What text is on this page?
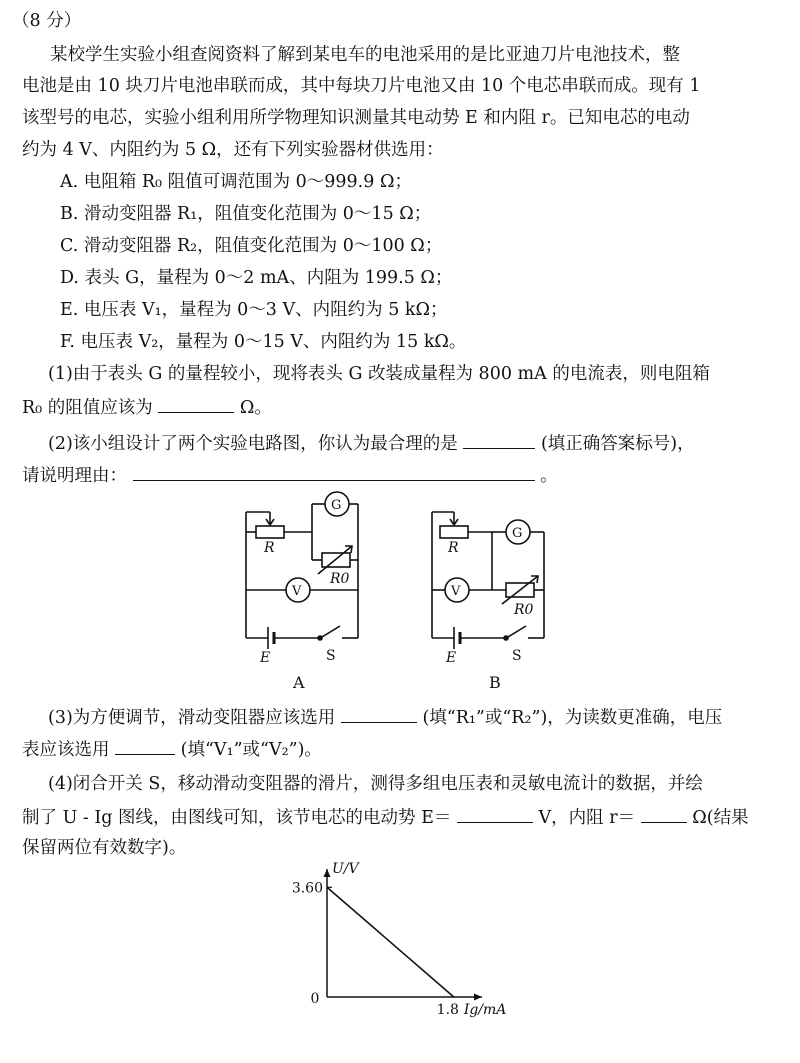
（8 分）
某校学生实验小组查阅资料了解到某电车的电池采用的是比亚迪刀片电池技术，整
电池是由 10 块刀片电池串联而成，其中每块刀片电池又由 10 个电芯串联而成。现有 1
该型号的电芯，实验小组利用所学物理知识测量其电动势 E 和内阻 r。已知电芯的电动
约为 4 V、内阻约为 5 Ω，还有下列实验器材供选用：
A. 电阻箱 R₀ 阻值可调范围为 0～999.9 Ω；
B. 滑动变阻器 R₁，阻值变化范围为 0～15 Ω；
C. 滑动变阻器 R₂，阻值变化范围为 0～100 Ω；
D. 表头 G，量程为 0～2 mA、内阻为 199.5 Ω；
E. 电压表 V₁，量程为 0～3 V、内阻约为 5 kΩ；
F. 电压表 V₂，量程为 0～15 V、内阻约为 15 kΩ。
(1)由于表头 G 的量程较小，现将表头 G 改装成量程为 800 mA 的电流表，则电阻箱
R₀ 的阻值应该为	Ω。
(2)该小组设计了两个实验电路图，你认为最合理的是	(填正确答案标号)，
请说明理由：	。
R
G
R0
V
E	S
A
R
G
R0
V
E	S
B
(3)为方便调节，滑动变阻器应该选用	(填“R₁”或“R₂”)，为读数更准确，电压
表应该选用	(填“V₁”或“V₂”)。
(4)闭合开关 S，移动滑动变阻器的滑片，测得多组电压表和灵敏电流计的数据，并绘
制了 U - Ig 图线，由图线可知，该节电芯的电动势 E＝	V，内阻 r＝	Ω(结果
保留两位有效数字)。
3.60
0
1.8
U/V
Ig/mA
